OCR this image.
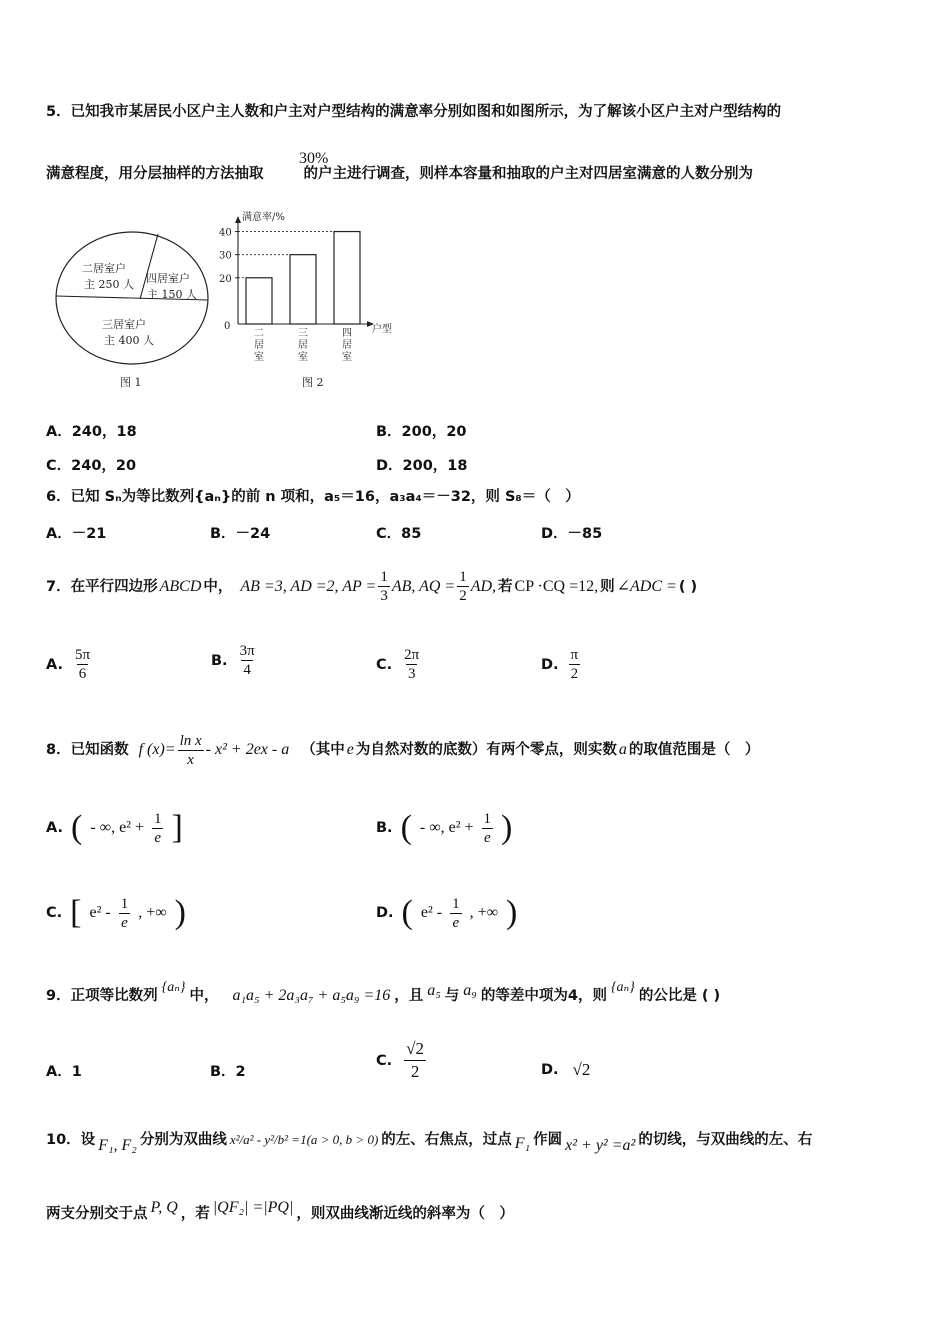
5．已知我市某居民小区户主人数和户主对户型结构的满意率分别如图和如图所示，为了解该小区户主对户型结构的
满意程度，用分层抽样的方法抽取	的户主进行调查，则样本容量和抽取的户主对四居室满意的人数分别为
30%
二居室户
主 250 人 四居室户
主 150 人
三居室户
主 400 人
图 1
满意率/%
户型
0
图 2
二居室
三居室
四居室
20
30
40
A．240，18	B．200，20
C．240，20	D．200，18
6．已知 Sₙ为等比数列{aₙ}的前 n 项和，a₅＝16，a₃a₄＝－32，则 S₈＝（　）
A．－21	B．－24	C．85	D．－85
7．在平行四边形 ABCD 中， AB =3, AD =2, AP = $\frac{1}{3}$ AB, AQ = $\frac{1}{2}$ AD, 若 CP ·CQ =12, 则 ∠ADC = ( )
A. $\frac{5\pi}{6}$	B. $\frac{3\pi}{4}$	C. $\frac{2\pi}{3}$	D. $\frac{\pi}{2}$
8．已知函数 f $(x)= \frac{\text{ln x}}{x} - x^2 + 2ex - a$ （其中 e 为自然对数的底数）有两个零点，则实数 a 的取值范围是（　）
A. ( - ∞, $e^2 + \frac{1}{e}$ ]	B. ( - ∞, $e^2 + \frac{1}{e}$ )
C. [ $e^2 - \frac{1}{e}$ , +∞ )	D. ( $e^2 - \frac{1}{e}$ , +∞ )
9．正项等比数列
{aₙ}
中， a₁a₅ + 2a₃a₇ + a₅a₉ =16 ，且 a₅ 与 a₉ 的等差中项为4，则
{aₙ}
的公比是 ( )
A．1	B．2
C. $\frac{√2}{2}$	D. √2
10．设 F₁, F₂ 分别为双曲线 x²/a² - y²/b² =1(a > 0, b > 0) 的左、右焦点，过点 F₁ 作圆 x² + y² =a² 的切线，与双曲线的左、右
两支分别交于点 P, Q ，若 |QF₂| =|PQ| ，则双曲线渐近线的斜率为（　）
